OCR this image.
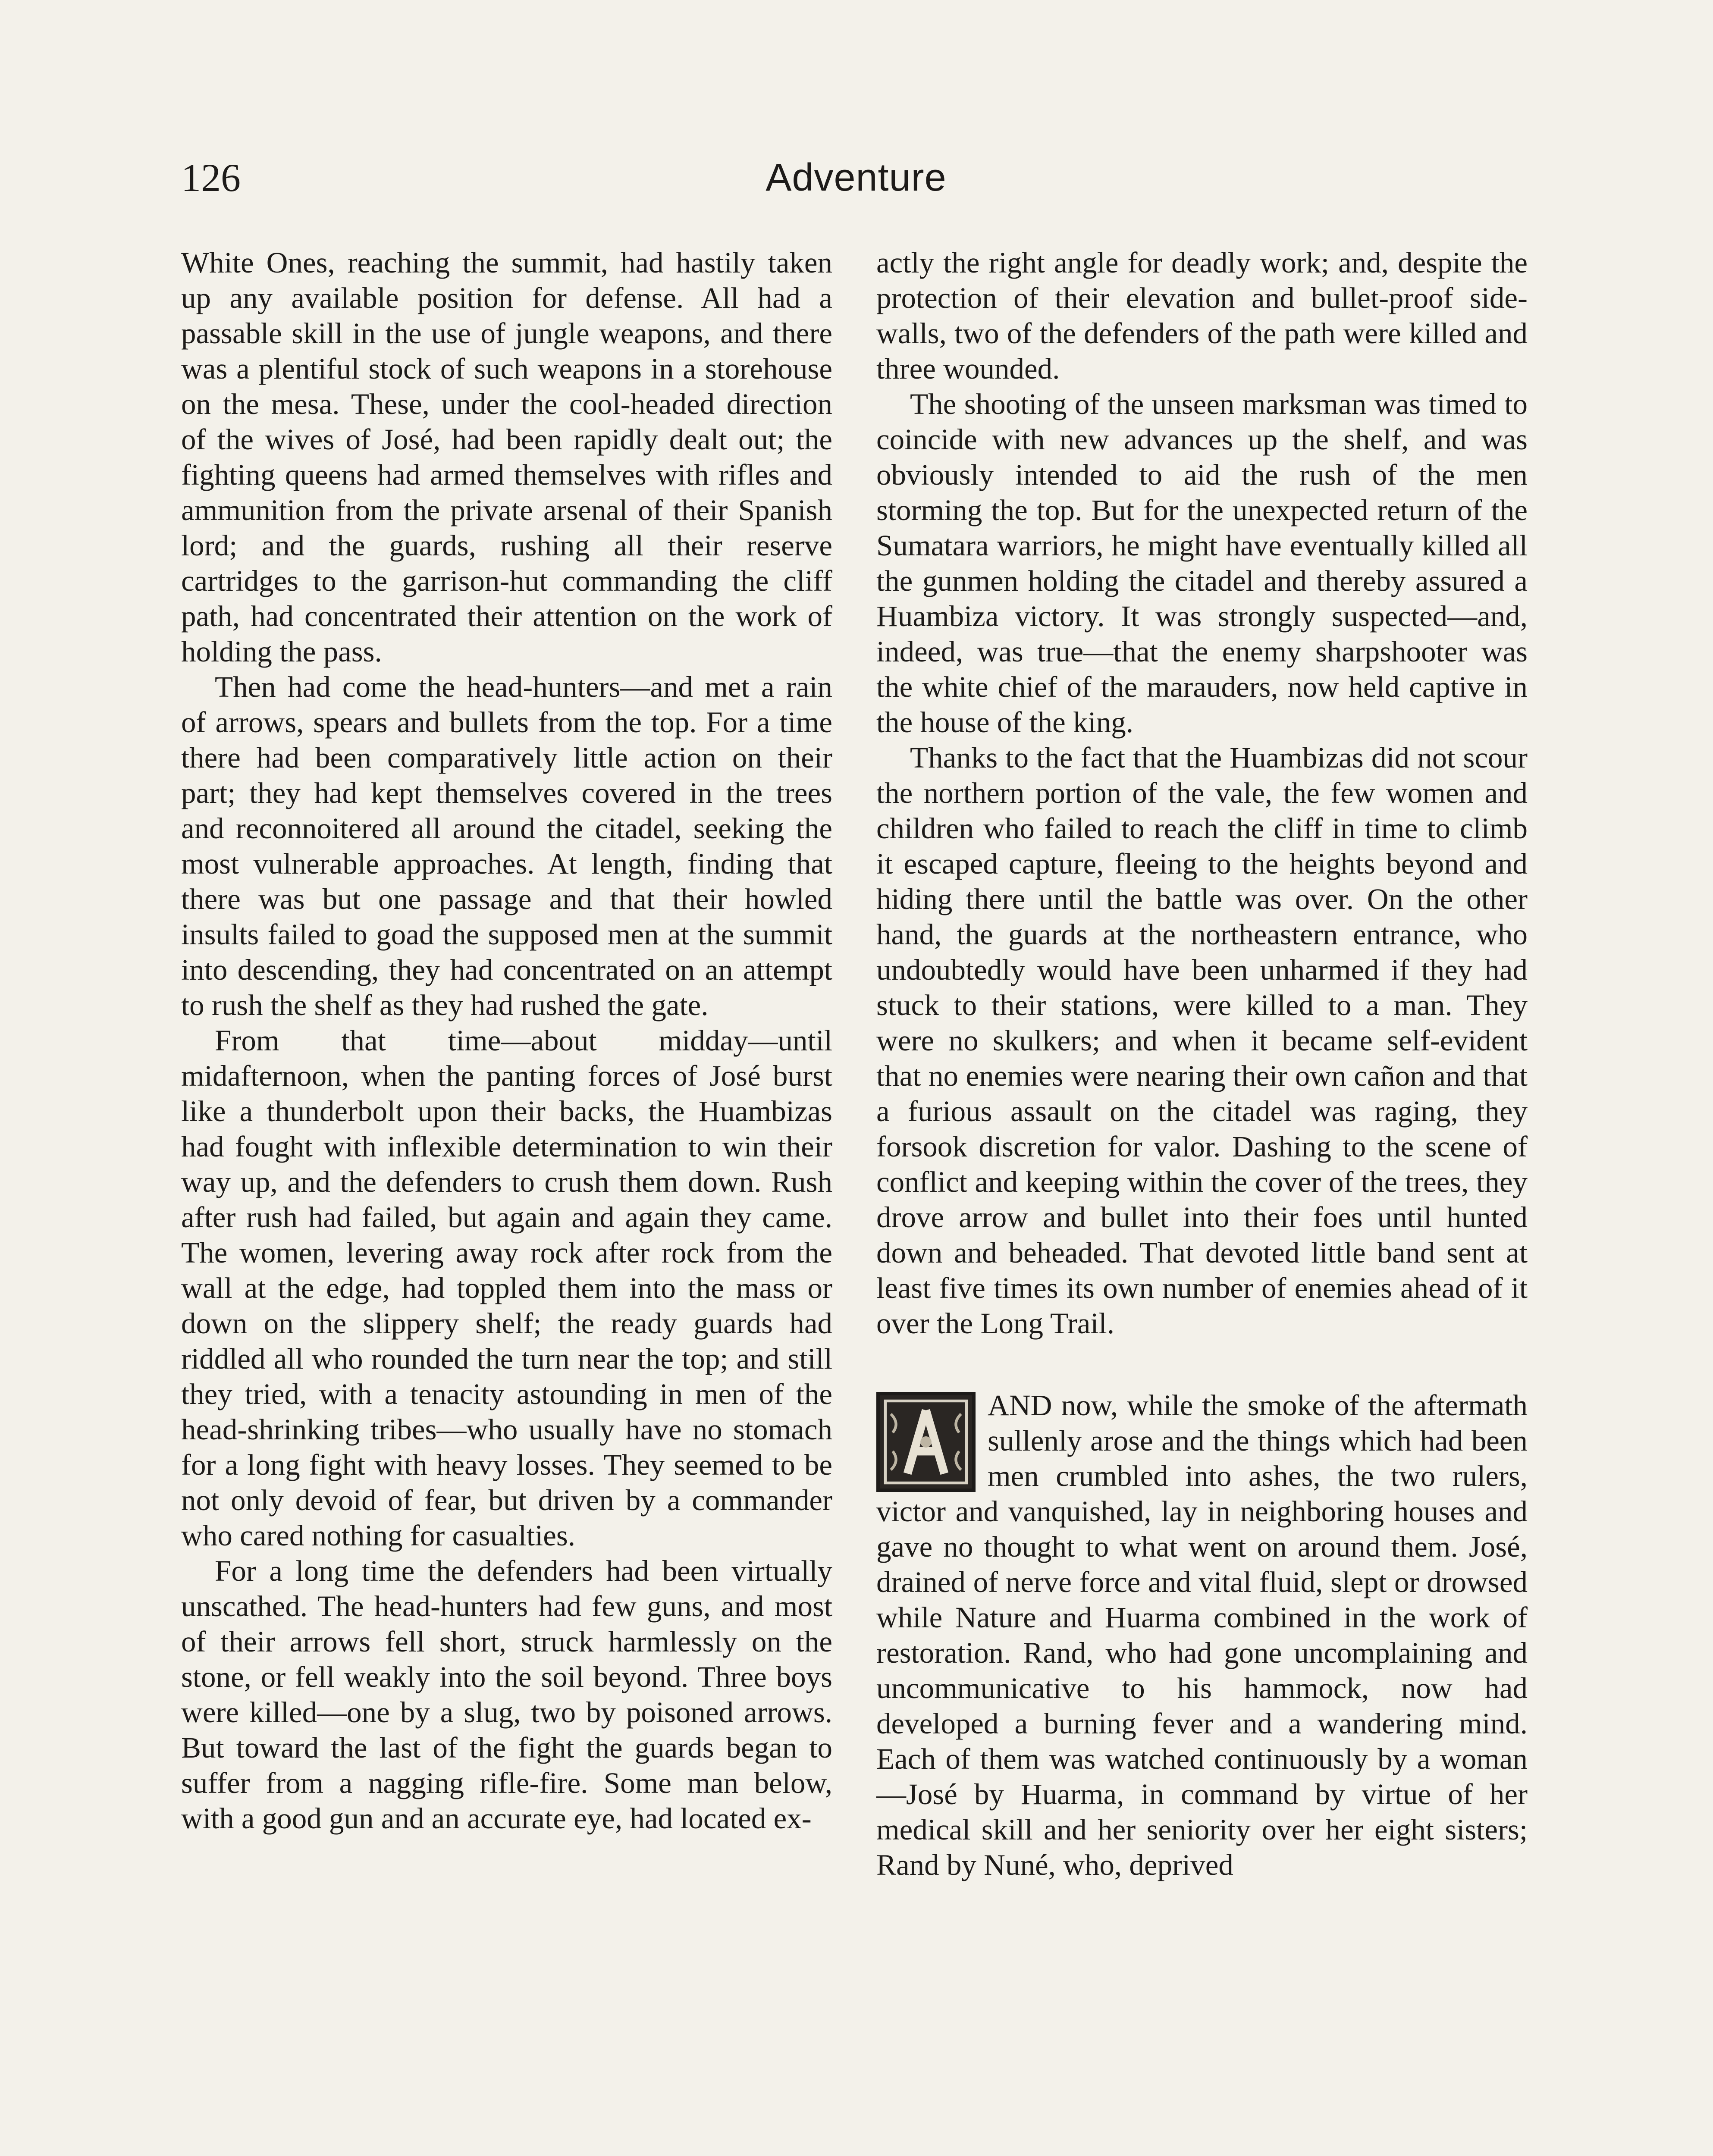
126	Adventure

White Ones, reaching the summit, had hastily taken up any available position for defense. All had a passable skill in the use of jungle weapons, and there was a plentiful stock of such weapons in a storehouse on the mesa. These, under the cool-headed direction of the wives of José, had been rapidly dealt out; the fighting queens had armed themselves with rifles and ammunition from the private arsenal of their Spanish lord; and the guards, rushing all their reserve cartridges to the garrison-hut commanding the cliff path, had concentrated their attention on the work of holding the pass.

Then had come the head-hunters—and met a rain of arrows, spears and bullets from the top. For a time there had been comparatively little action on their part; they had kept themselves covered in the trees and reconnoitered all around the citadel, seeking the most vulnerable approaches. At length, finding that there was but one passage and that their howled insults failed to goad the supposed men at the summit into descending, they had concentrated on an attempt to rush the shelf as they had rushed the gate.

From that time—about midday—until midafternoon, when the panting forces of José burst like a thunderbolt upon their backs, the Huambizas had fought with inflexible determination to win their way up, and the defenders to crush them down. Rush after rush had failed, but again and again they came. The women, levering away rock after rock from the wall at the edge, had toppled them into the mass or down on the slippery shelf; the ready guards had riddled all who rounded the turn near the top; and still they tried, with a tenacity astounding in men of the head-shrinking tribes—who usually have no stomach for a long fight with heavy losses. They seemed to be not only devoid of fear, but driven by a commander who cared nothing for casualties.

For a long time the defenders had been virtually unscathed. The head-hunters had few guns, and most of their arrows fell short, struck harmlessly on the stone, or fell weakly into the soil beyond. Three boys were killed—one by a slug, two by poisoned arrows. But toward the last of the fight the guards began to suffer from a nagging rifle-fire. Some man below, with a good gun and an accurate eye, had located ex-

actly the right angle for deadly work; and, despite the protection of their elevation and bullet-proof side-walls, two of the defenders of the path were killed and three wounded.

The shooting of the unseen marksman was timed to coincide with new advances up the shelf, and was obviously intended to aid the rush of the men storming the top. But for the unexpected return of the Sumatara warriors, he might have eventually killed all the gunmen holding the citadel and thereby assured a Huambiza victory. It was strongly suspected—and, indeed, was true—that the enemy sharpshooter was the white chief of the marauders, now held captive in the house of the king.

Thanks to the fact that the Huambizas did not scour the northern portion of the vale, the few women and children who failed to reach the cliff in time to climb it escaped capture, fleeing to the heights beyond and hiding there until the battle was over. On the other hand, the guards at the northeastern entrance, who undoubtedly would have been unharmed if they had stuck to their stations, were killed to a man. They were no skulkers; and when it became self-evident that no enemies were nearing their own cañon and that a furious assault on the citadel was raging, they forsook discretion for valor. Dashing to the scene of conflict and keeping within the cover of the trees, they drove arrow and bullet into their foes until hunted down and beheaded. That devoted little band sent at least five times its own number of enemies ahead of it over the Long Trail.

AND now, while the smoke of the aftermath sullenly arose and the things which had been men crumbled into ashes, the two rulers, victor and vanquished, lay in neighboring houses and gave no thought to what went on around them. José, drained of nerve force and vital fluid, slept or drowsed while Nature and Huarma combined in the work of restoration. Rand, who had gone uncomplaining and uncommunicative to his hammock, now had developed a burning fever and a wandering mind. Each of them was watched continuously by a woman—José by Huarma, in command by virtue of her medical skill and her seniority over her eight sisters; Rand by Nuné, who, deprived
